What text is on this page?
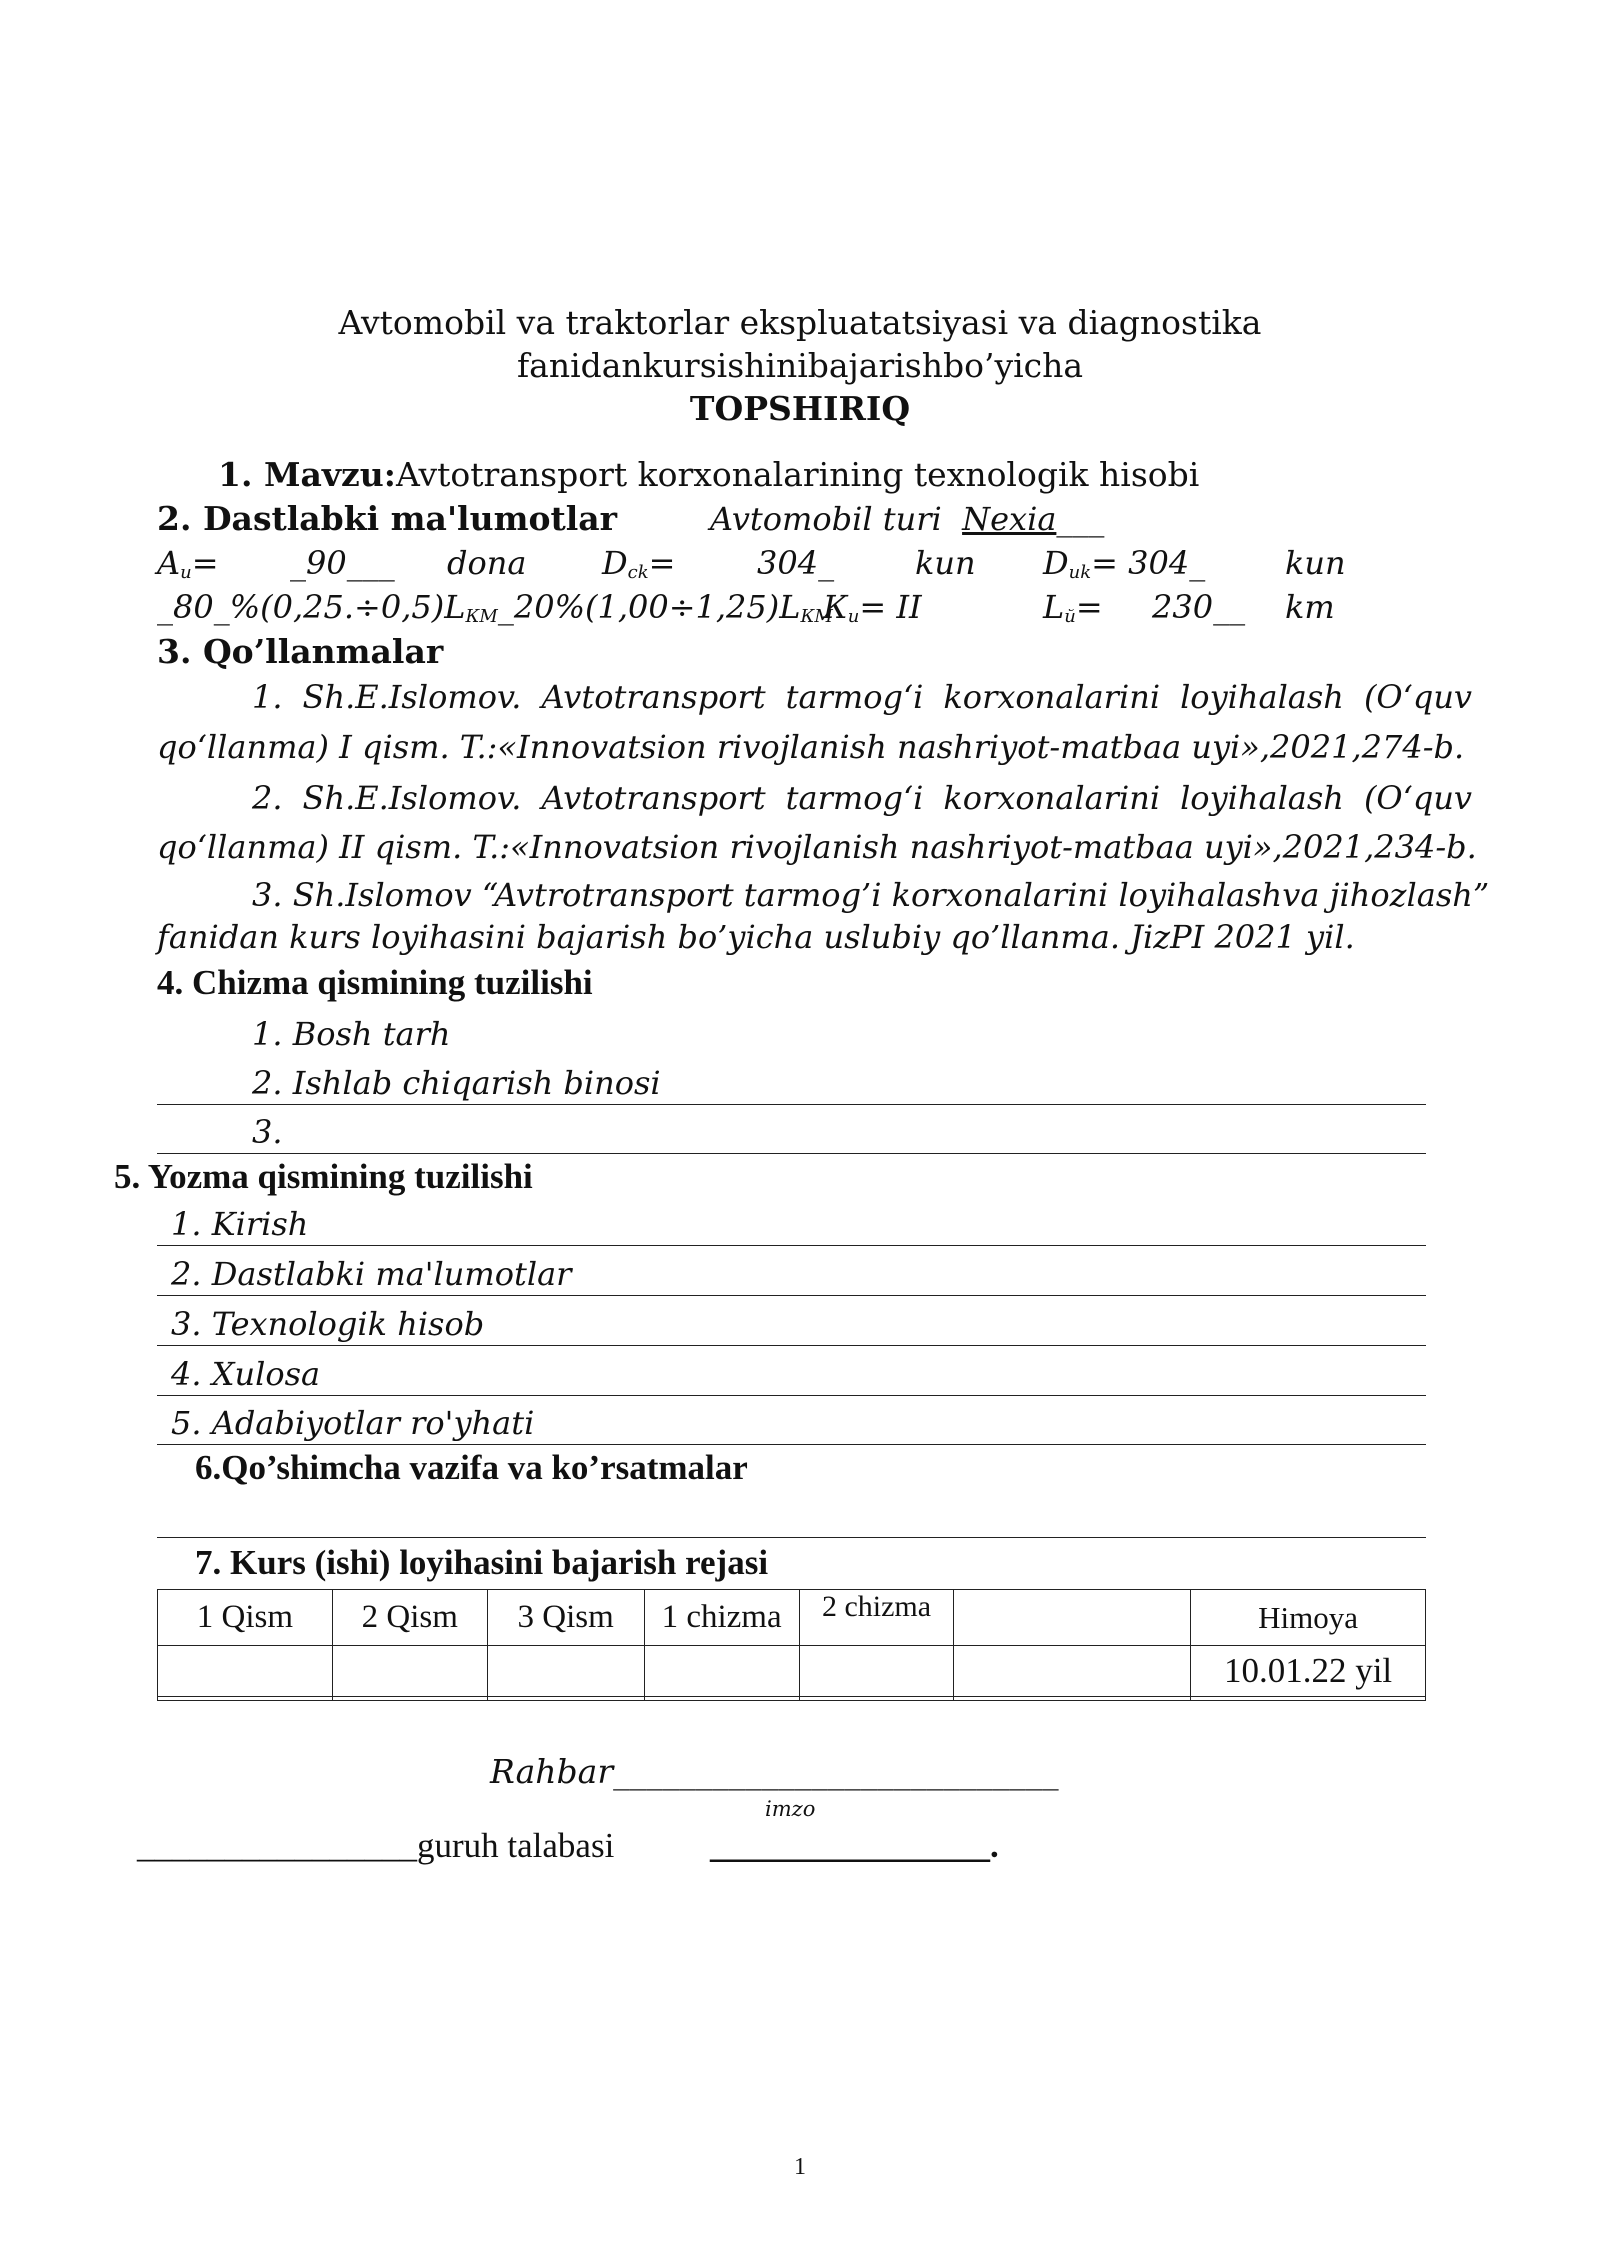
Avtomobil va traktorlar ekspluatatsiyasi va diagnostika
fanidankursishinibajarishbo’yicha
TOPSHIRIQ
1. Mavzu:Avtotransport korxonalarining texnologik hisobi
2. Dastlabki ma'lumotlar	Avtomobil turi Nexia___
$A_u=$ _90___ dona $D_{ck}=$	304_	kun $D_{uk}=$ 304_ kun
$\_80\_\%(0,25.\div 0,5)L_{КМ}\_20\%(1,00\div 1,25)L_{КМ}$
$К_u=$ II	$L_й=$ 230__ km
3. Qo’llanmalar
1. Sh.E.Islomov. Avtotransport tarmog‘i korxonalarini loyihalash (O‘quv
qo‘llanma) I qism. T.:«Innovatsion rivojlanish nashriyot-matbaa uyi»,2021,274-b.
2. Sh.E.Islomov. Avtotransport tarmog‘i korxonalarini loyihalash (O‘quv
qo‘llanma) II qism. T.:«Innovatsion rivojlanish nashriyot-matbaa uyi»,2021,234-b.
3. Sh.Islomov “Avtrotransport tarmog’i korxonalarini loyihalashva jihozlash”
fanidan kurs loyihasini bajarish bo’yicha uslubiy qo’llanma. JizPI 2021 yil.
4. Chizma qismining tuzilishi
1. Bosh tarh
2. Ishlab chiqarish binosi
3.
5. Yozma qismining tuzilishi
1. Kirish
2. Dastlabki ma'lumotlar
3. Texnologik hisob
4. Xulosa
5. Adabiyotlar ro'yhati
6.Qo’shimcha vazifa va ko’rsatmalar
7. Kurs (ishi) loyihasini bajarish rejasi
1 Qism	2 Qism	3 Qism	1 chizma	2 chizma		Himoya
						10.01.22 yil

Rahbar___________________________
imzo
________________guruh talabasi	________________.
1
